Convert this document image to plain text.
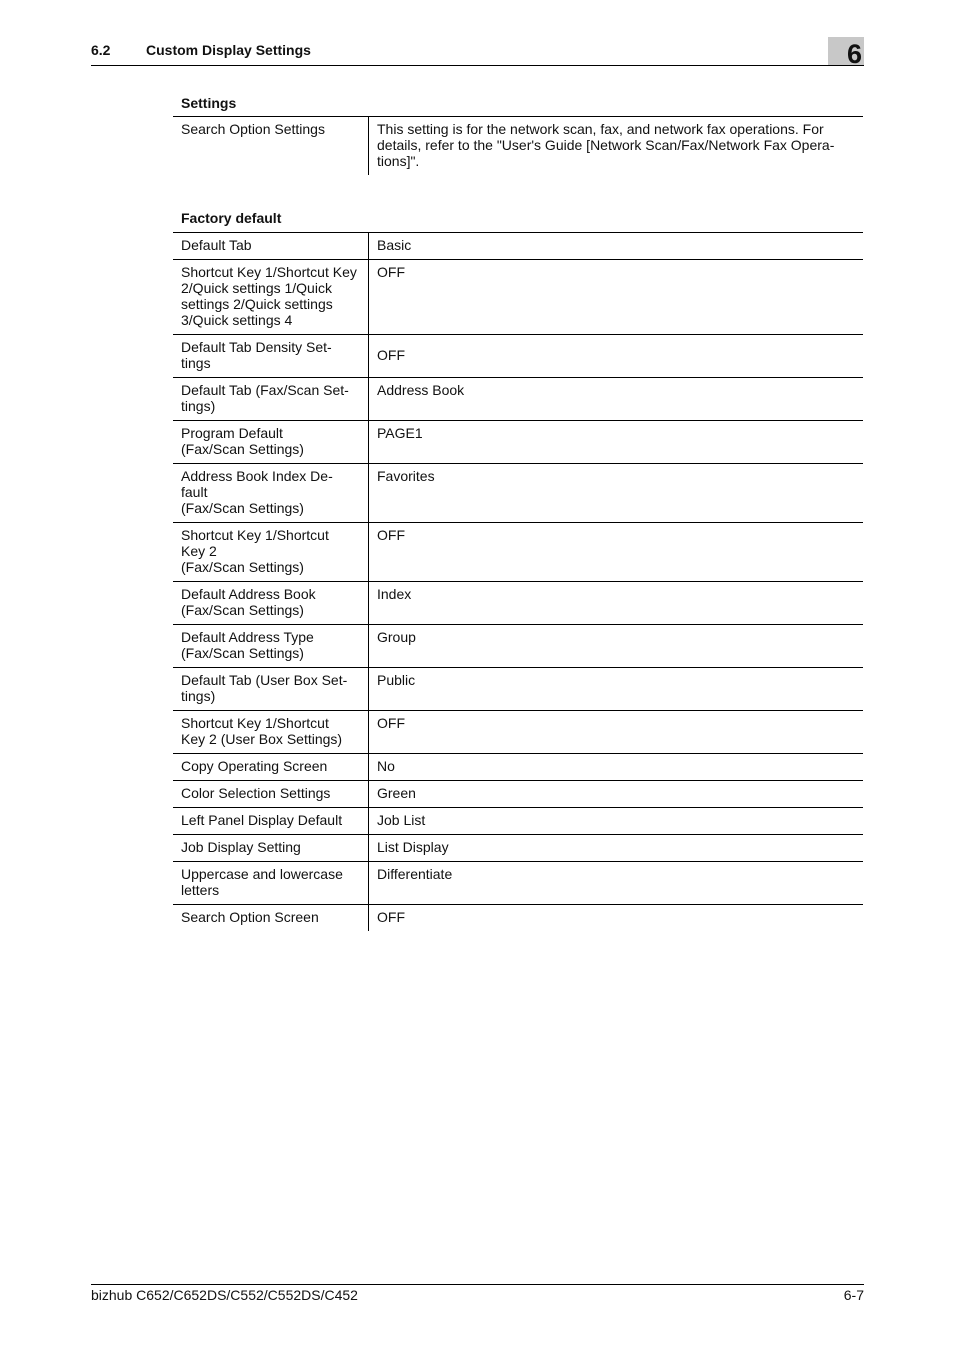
6.2	Custom Display Settings	6
Settings
Search Option Settings	This setting is for the network scan, fax, and network fax operations. For details, refer to the "User's Guide [Network Scan/Fax/Network Fax Opera-
tions]".
Factory default
Default Tab	Basic
Shortcut Key 1/Shortcut Key 2/Quick settings 1/Quick settings 2/Quick settings 3/Quick settings 4	OFF
Default Tab Density Set-
tings	OFF
Default Tab (Fax/Scan Set-
tings)	Address Book
Program Default
(Fax/Scan Settings)	PAGE1
Address Book Index De-
fault
(Fax/Scan Settings)	Favorites
Shortcut Key 1/Shortcut
Key 2
(Fax/Scan Settings)	OFF
Default Address Book
(Fax/Scan Settings)	Index
Default Address Type
(Fax/Scan Settings)	Group
Default Tab (User Box Set-
tings)	Public
Shortcut Key 1/Shortcut
Key 2 (User Box Settings)	OFF
Copy Operating Screen	No
Color Selection Settings	Green
Left Panel Display Default	Job List
Job Display Setting	List Display
Uppercase and lowercase
letters	Differentiate
Search Option Screen	OFF
bizhub C652/C652DS/C552/C552DS/C452	6-7
